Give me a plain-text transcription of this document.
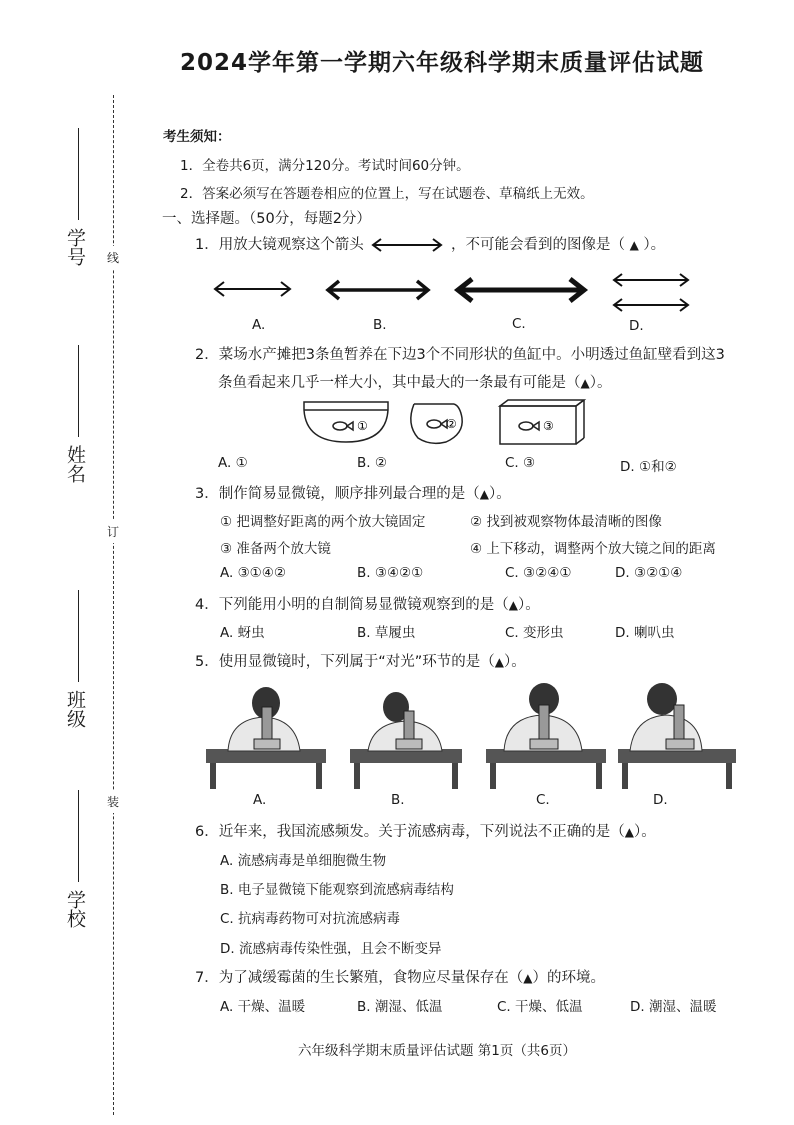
线
订
装
学号
姓名
班级
学校
2024学年第一学期六年级科学期末质量评估试题
考生须知：
1．全卷共6页，满分120分。考试时间60分钟。
2．答案必须写在答题卷相应的位置上，写在试题卷、草稿纸上无效。
一、选择题。（50分，每题2分）
1．用放大镜观察这个箭头	，不可能会看到的图像是（ ▲ ）。
A.	B.	C.	D.
2．菜场水产摊把3条鱼暂养在下边3个不同形状的鱼缸中。小明透过鱼缸壁看到这3
条鱼看起来几乎一样大小，其中最大的一条最有可能是（▲）。
①	②	③
A. ①	B. ②	C. ③	D. ①和②
3．制作简易显微镜，顺序排列最合理的是（▲）。
① 把调整好距离的两个放大镜固定	② 找到被观察物体最清晰的图像
③ 准备两个放大镜	④ 上下移动，调整两个放大镜之间的距离
A. ③①④②	B. ③④②①	C. ③②④①	D. ③②①④
4．下列能用小明的自制简易显微镜观察到的是（▲）。
A. 蚜虫	B. 草履虫	C. 变形虫	D. 喇叭虫
5．使用显微镜时，下列属于“对光”环节的是（▲）。
A.	B.	C.	D.
6．近年来，我国流感频发。关于流感病毒，下列说法不正确的是（▲）。
A. 流感病毒是单细胞微生物
B. 电子显微镜下能观察到流感病毒结构
C. 抗病毒药物可对抗流感病毒
D. 流感病毒传染性强，且会不断变异
7．为了减缓霉菌的生长繁殖，食物应尽量保存在（▲）的环境。
A. 干燥、温暖	B. 潮湿、低温	C. 干燥、低温	D. 潮湿、温暖
六年级科学期末质量评估试题 第1页（共6页）
